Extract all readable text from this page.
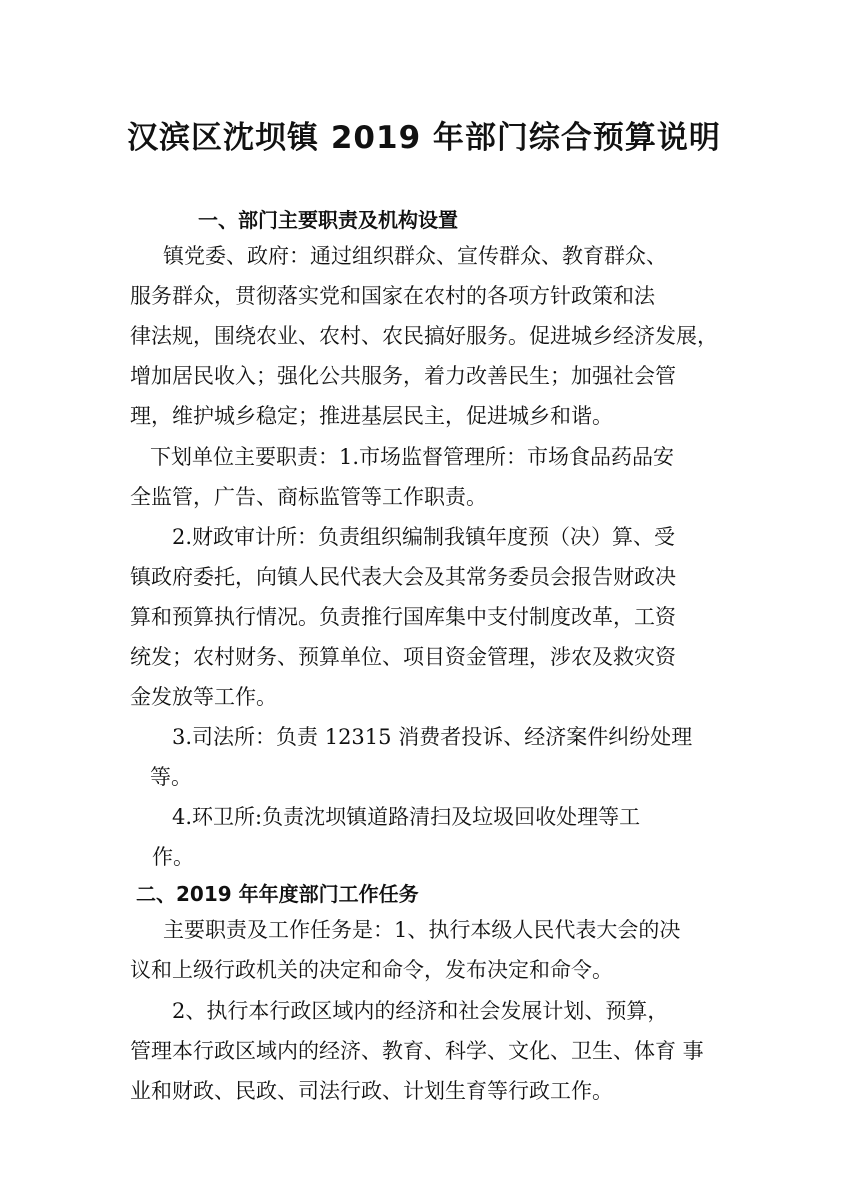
汉滨区沈坝镇 2019 年部门综合预算说明
一、部门主要职责及机构设置
镇党委、政府：通过组织群众、宣传群众、教育群众、
服务群众，贯彻落实党和国家在农村的各项方针政策和法
律法规，围绕农业、农村、农民搞好服务。促进城乡经济发展，
增加居民收入；强化公共服务，着力改善民生；加强社会管
理，维护城乡稳定；推进基层民主，促进城乡和谐。
下划单位主要职责：1.市场监督管理所：市场食品药品安
全监管，广告、商标监管等工作职责。
2.财政审计所：负责组织编制我镇年度预（决）算、受
镇政府委托，向镇人民代表大会及其常务委员会报告财政决
算和预算执行情况。负责推行国库集中支付制度改革，工资
统发；农村财务、预算单位、项目资金管理，涉农及救灾资
金发放等工作。
3.司法所：负责 12315 消费者投诉、经济案件纠纷处理
等。
4.环卫所:负责沈坝镇道路清扫及垃圾回收处理等工
作。
二、2019 年年度部门工作任务
主要职责及工作任务是：1、执行本级人民代表大会的决
议和上级行政机关的决定和命令，发布决定和命令。
2、执行本行政区域内的经济和社会发展计划、预算，
管理本行政区域内的经济、教育、科学、文化、卫生、体育 事
业和财政、民政、司法行政、计划生育等行政工作。
